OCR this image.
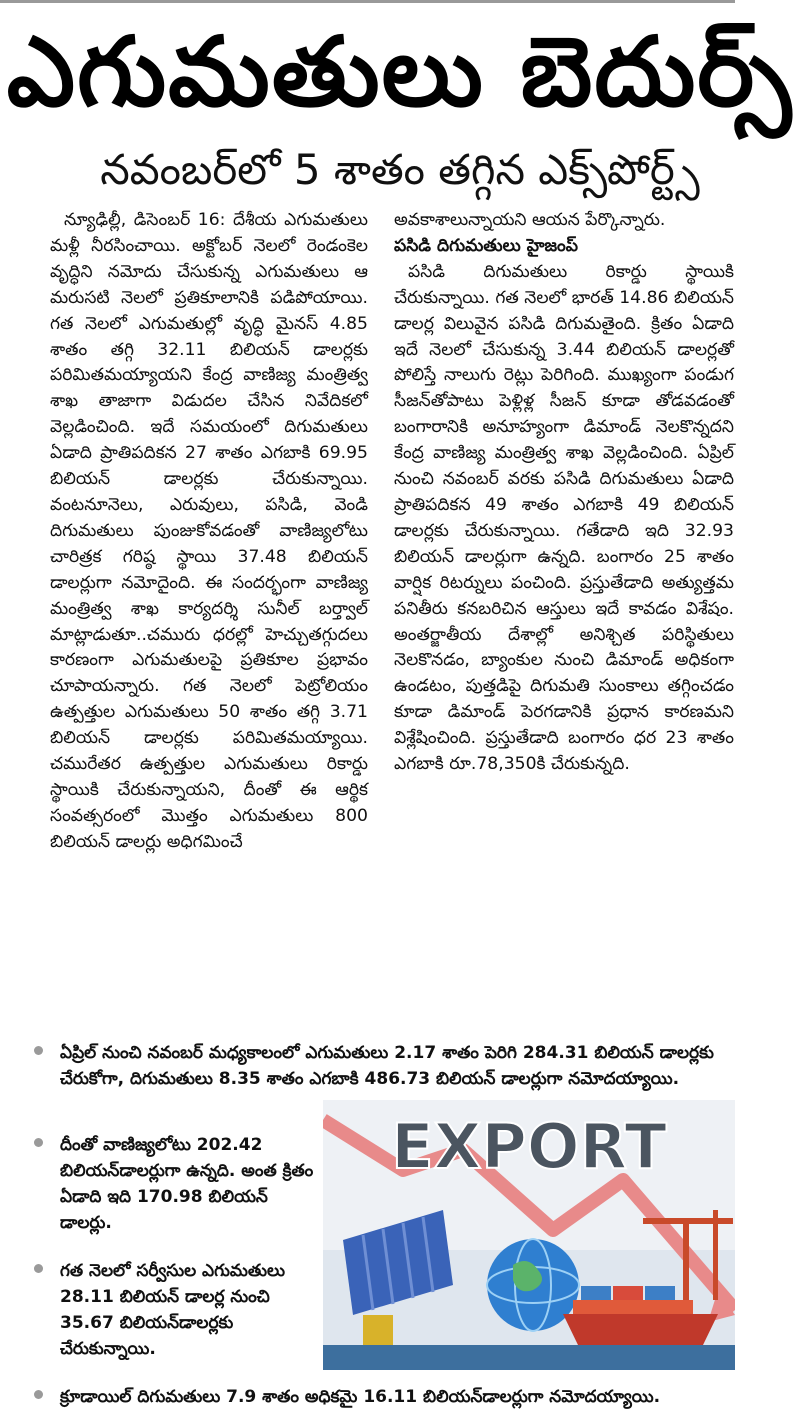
ఎగుమతులు బెదుర్స్
నవంబర్‌లో 5 శాతం తగ్గిన ఎక్స్‌పోర్ట్స్

న్యూఢిల్లీ, డిసెంబర్ 16: దేశీయ ఎగుమతులు మళ్లీ నీరసించాయి. అక్టోబర్ నెలలో రెండంకెల వృద్ధిని నమోదు చేసుకున్న ఎగుమతులు ఆ మరుసటి నెలలో ప్రతికూలానికి పడిపోయాయి. గత నెలలో ఎగుమతుల్లో వృద్ధి మైనస్ 4.85 శాతం తగ్గి 32.11 బిలియన్ డాలర్లకు పరిమితమయ్యాయని కేంద్ర వాణిజ్య మంత్రిత్వ శాఖ తాజాగా విడుదల చేసిన నివేదికలో వెల్లడించింది. ఇదే సమయంలో దిగుమతులు ఏడాది ప్రాతిపదికన 27 శాతం ఎగబాకి 69.95 బిలియన్ డాలర్లకు చేరుకున్నాయి. వంటనూనెలు, ఎరువులు, పసిడి, వెండి దిగుమతులు పుంజుకోవడంతో వాణిజ్యలోటు చారిత్రక గరిష్ఠ స్థాయి 37.48 బిలియన్ డాలర్లుగా నమోదైంది. ఈ సందర్భంగా వాణిజ్య మంత్రిత్వ శాఖ కార్యదర్శి సునీల్ బర్త్వాల్ మాట్లాడుతూ..చమురు ధరల్లో హెచ్చుతగ్గుదలు కారణంగా ఎగుమతులపై ప్రతికూల ప్రభావం చూపాయన్నారు. గత నెలలో పెట్రోలియం ఉత్పత్తుల ఎగుమతులు 50 శాతం తగ్గి 3.71 బిలియన్ డాలర్లకు పరిమితమయ్యాయి. చమురేతర ఉత్పత్తుల ఎగుమతులు రికార్డు స్థాయికి చేరుకున్నాయని, దీంతో ఈ ఆర్థిక సంవత్సరంలో మొత్తం ఎగుమతులు 800 బిలియన్ డాలర్లు అధిగమించే

అవకాశాలున్నాయని ఆయన పేర్కొన్నారు.

పసిడి దిగుమతులు హైజంప్

పసిడి దిగుమతులు రికార్డు స్థాయికి చేరుకున్నాయి. గత నెలలో భారత్ 14.86 బిలియన్ డాలర్ల విలువైన పసిడి దిగుమతైంది. క్రితం ఏడాది ఇదే నెలలో చేసుకున్న 3.44 బిలియన్ డాలర్లతో పోలిస్తే నాలుగు రెట్లు పెరిగింది. ముఖ్యంగా పండుగ సీజన్‌తోపాటు పెళ్లిళ్ల సీజన్ కూడా తోడవడంతో బంగారానికి అనూహ్యంగా డిమాండ్ నెలకొన్నదని కేంద్ర వాణిజ్య మంత్రిత్వ శాఖ వెల్లడించింది. ఏప్రిల్ నుంచి నవంబర్ వరకు పసిడి దిగుమతులు ఏడాది ప్రాతిపదికన 49 శాతం ఎగబాకి 49 బిలియన్ డాలర్లకు చేరుకున్నాయి. గతేడాది ఇది 32.93 బిలియన్ డాలర్లుగా ఉన్నది. బంగారం 25 శాతం వార్షిక రిటర్నులు పంచింది. ప్రస్తుతేడాది అత్యుత్తమ పనితీరు కనబరిచిన ఆస్తులు ఇదే కావడం విశేషం. అంతర్జాతీయ దేశాల్లో అనిశ్చిత పరిస్థితులు నెలకొనడం, బ్యాంకుల నుంచి డిమాండ్ అధికంగా ఉండటం, పుత్తడిపై దిగుమతి సుంకాలు తగ్గించడం కూడా డిమాండ్ పెరగడానికి ప్రధాన కారణమని విశ్లేషించింది. ప్రస్తుతేడాది బంగారం ధర 23 శాతం ఎగబాకి రూ.78,350కి చేరుకున్నది.

ఏప్రిల్ నుంచి నవంబర్ మధ్యకాలంలో ఎగుమతులు 2.17 శాతం పెరిగి 284.31 బిలియన్ డాలర్లకు చేరుకోగా, దిగుమతులు 8.35 శాతం ఎగబాకి 486.73 బిలియన్ డాలర్లుగా నమోదయ్యాయి.
దీంతో వాణిజ్యలోటు 202.42 బిలియన్‌డాలర్లుగా ఉన్నది. అంత క్రితం ఏడాది ఇది 170.98 బిలియన్ డాలర్లు.
గత నెలలో సర్వీసుల ఎగుమతులు 28.11 బిలియన్ డాలర్ల నుంచి 35.67 బిలియన్‌డాలర్లకు చేరుకున్నాయి.
క్రూడాయిల్ దిగుమతులు 7.9 శాతం అధికమై 16.11 బిలియన్‌డాలర్లుగా నమోదయ్యాయి.
EXPORT
